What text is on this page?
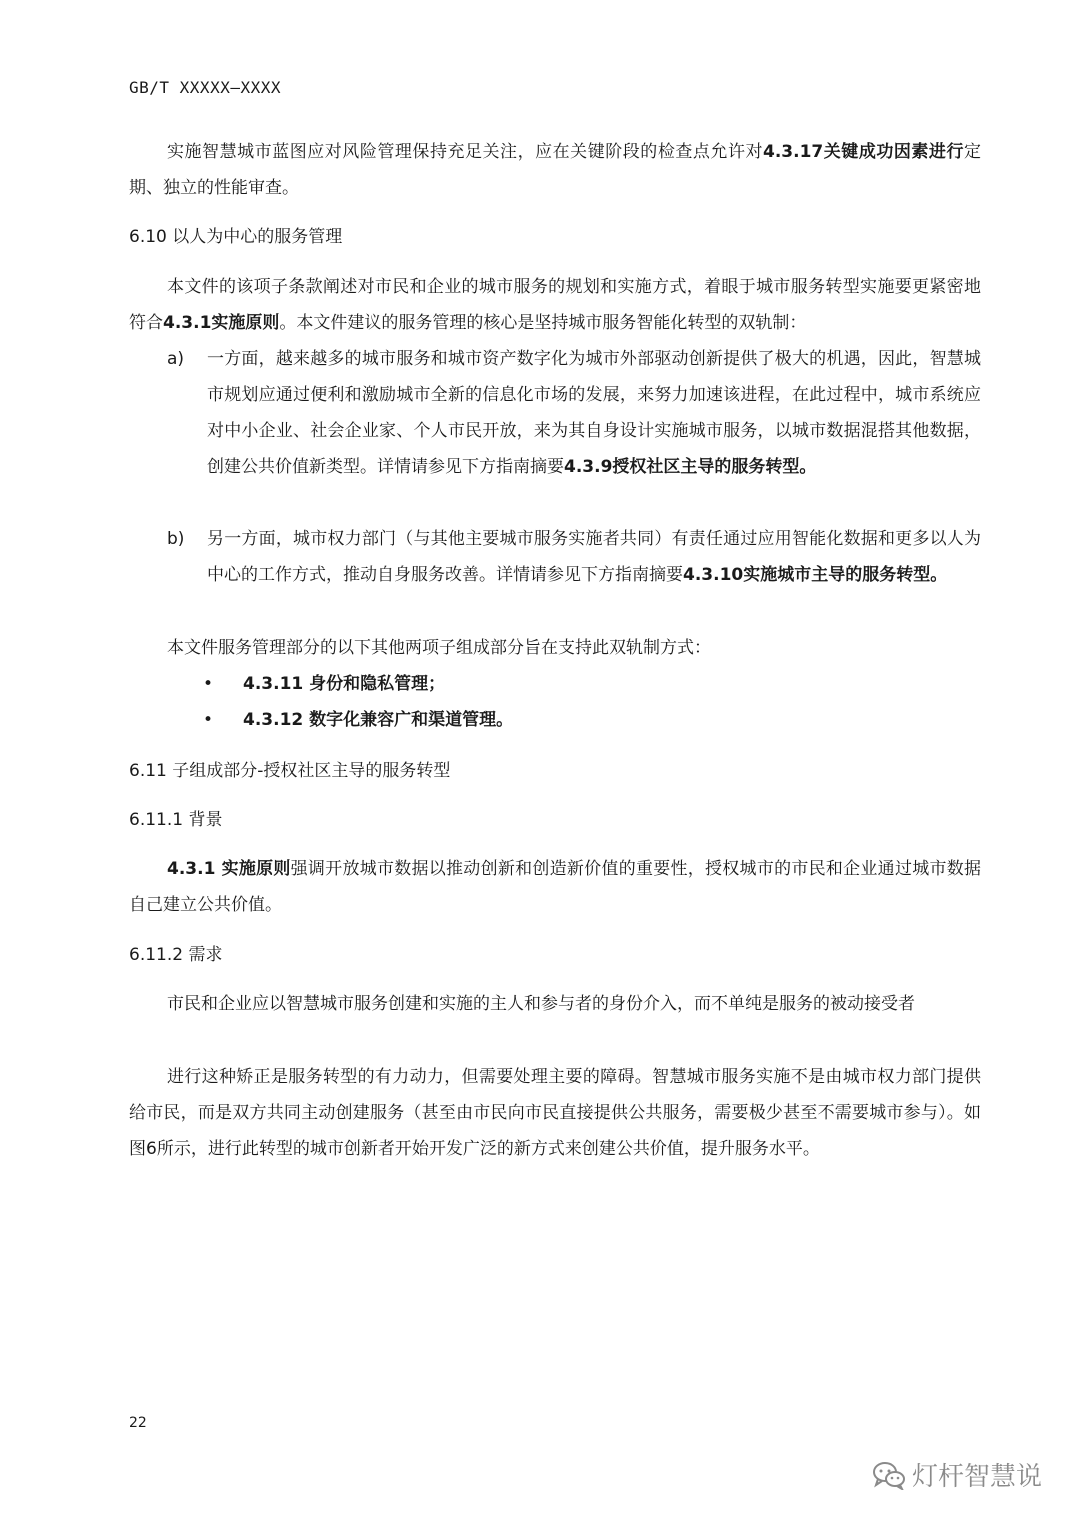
GB/T XXXXX—XXXX
实施智慧城市蓝图应对风险管理保持充足关注，应在关键阶段的检查点允许对4.3.17关键成功因素进行定期、独立的性能审查。
6.10 以人为中心的服务管理
本文件的该项子条款阐述对市民和企业的城市服务的规划和实施方式，着眼于城市服务转型实施要更紧密地符合4.3.1实施原则。本文件建议的服务管理的核心是坚持城市服务智能化转型的双轨制：
a) 一方面，越来越多的城市服务和城市资产数字化为城市外部驱动创新提供了极大的机遇，因此，智慧城市规划应通过便利和激励城市全新的信息化市场的发展，来努力加速该进程，在此过程中，城市系统应对中小企业、社会企业家、个人市民开放，来为其自身设计实施城市服务，以城市数据混搭其他数据，创建公共价值新类型。详情请参见下方指南摘要4.3.9授权社区主导的服务转型。
b) 另一方面，城市权力部门（与其他主要城市服务实施者共同）有责任通过应用智能化数据和更多以人为中心的工作方式，推动自身服务改善。详情请参见下方指南摘要4.3.10实施城市主导的服务转型。
本文件服务管理部分的以下其他两项子组成部分旨在支持此双轨制方式：
• 4.3.11 身份和隐私管理；
• 4.3.12 数字化兼容广和渠道管理。
6.11 子组成部分-授权社区主导的服务转型
6.11.1 背景
4.3.1 实施原则强调开放城市数据以推动创新和创造新价值的重要性，授权城市的市民和企业通过城市数据自己建立公共价值。
6.11.2 需求
市民和企业应以智慧城市服务创建和实施的主人和参与者的身份介入，而不单纯是服务的被动接受者
进行这种矫正是服务转型的有力动力，但需要处理主要的障碍。智慧城市服务实施不是由城市权力部门提供给市民，而是双方共同主动创建服务（甚至由市民向市民直接提供公共服务，需要极少甚至不需要城市参与）。如图6所示，进行此转型的城市创新者开始开发广泛的新方式来创建公共价值，提升服务水平。
22
灯杆智慧说
